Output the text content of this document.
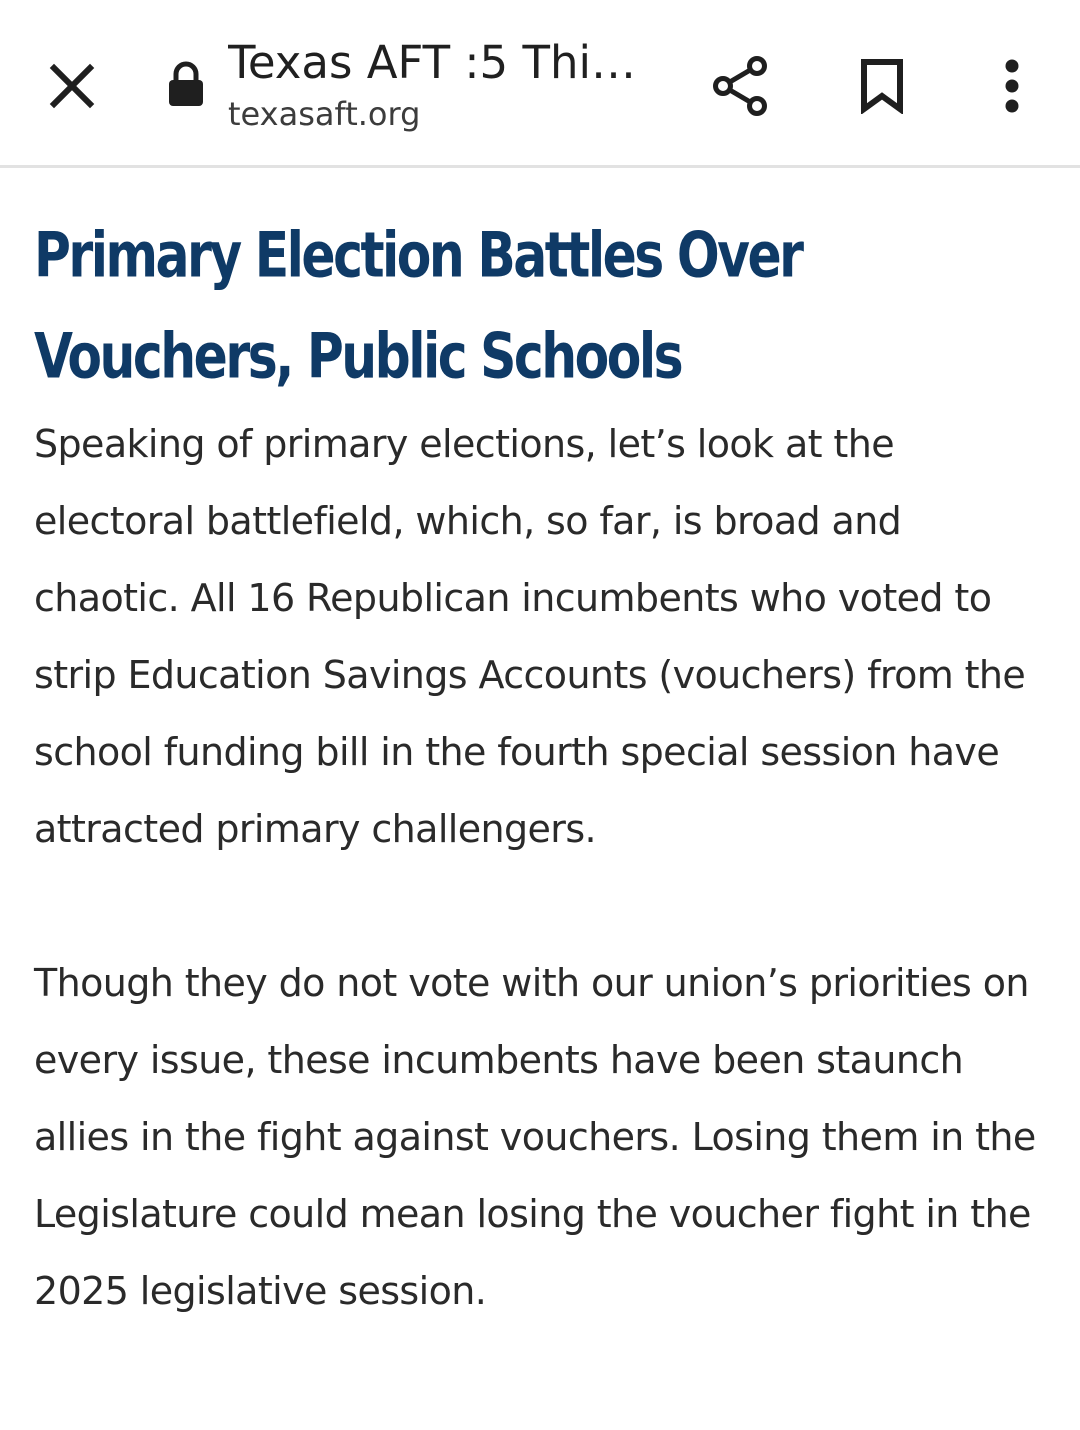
Texas AFT :5 Thi…
texasaft.org
Primary Election Battles Over Vouchers, Public Schools

Speaking of primary elections, let’s look at the electoral battlefield, which, so far, is broad and chaotic. All 16 Republican incumbents who voted to strip Education Savings Accounts (vouchers) from the school funding bill in the fourth special session have attracted primary challengers.

Though they do not vote with our union’s priorities on every issue, these incumbents have been staunch allies in the fight against vouchers. Losing them in the Legislature could mean losing the voucher fight in the 2025 legislative session.
